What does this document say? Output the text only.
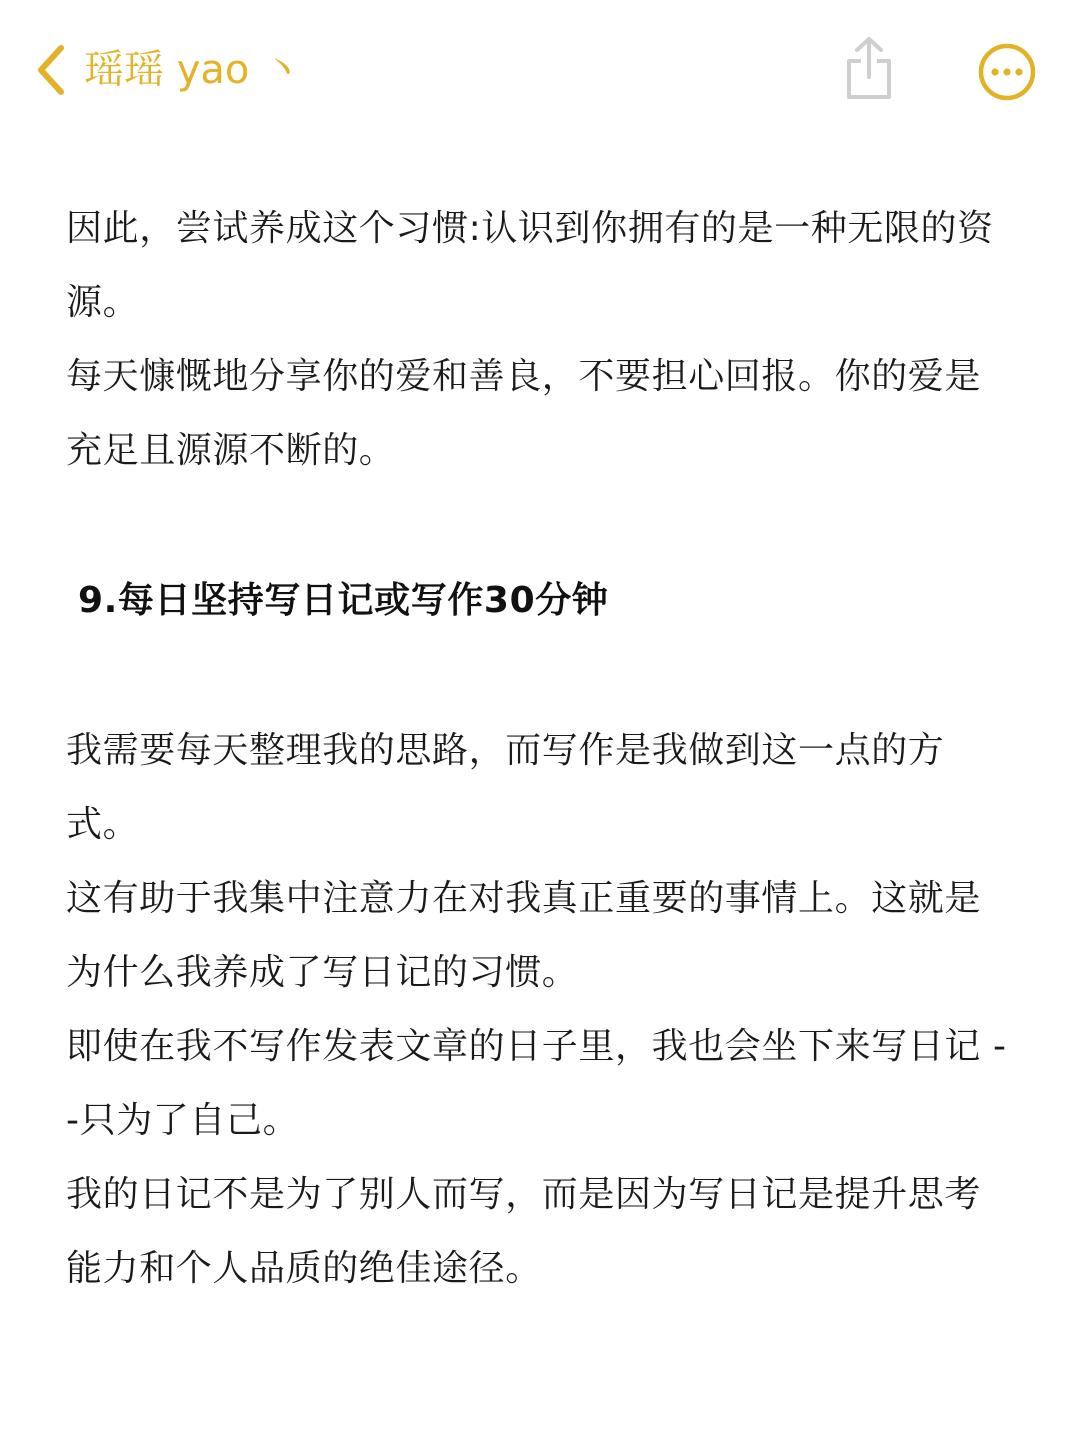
瑶瑶 yao 丶

因此，尝试养成这个习惯:认识到你拥有的是一种无限的资源。

每天慷慨地分享你的爱和善良，不要担心回报。你的爱是充足且源源不断的。

9.每日坚持写日记或写作30分钟

我需要每天整理我的思路，而写作是我做到这一点的方式。

这有助于我集中注意力在对我真正重要的事情上。这就是为什么我养成了写日记的习惯。

即使在我不写作发表文章的日子里，我也会坐下来写日记 --只为了自己。

我的日记不是为了别人而写，而是因为写日记是提升思考能力和个人品质的绝佳途径。
